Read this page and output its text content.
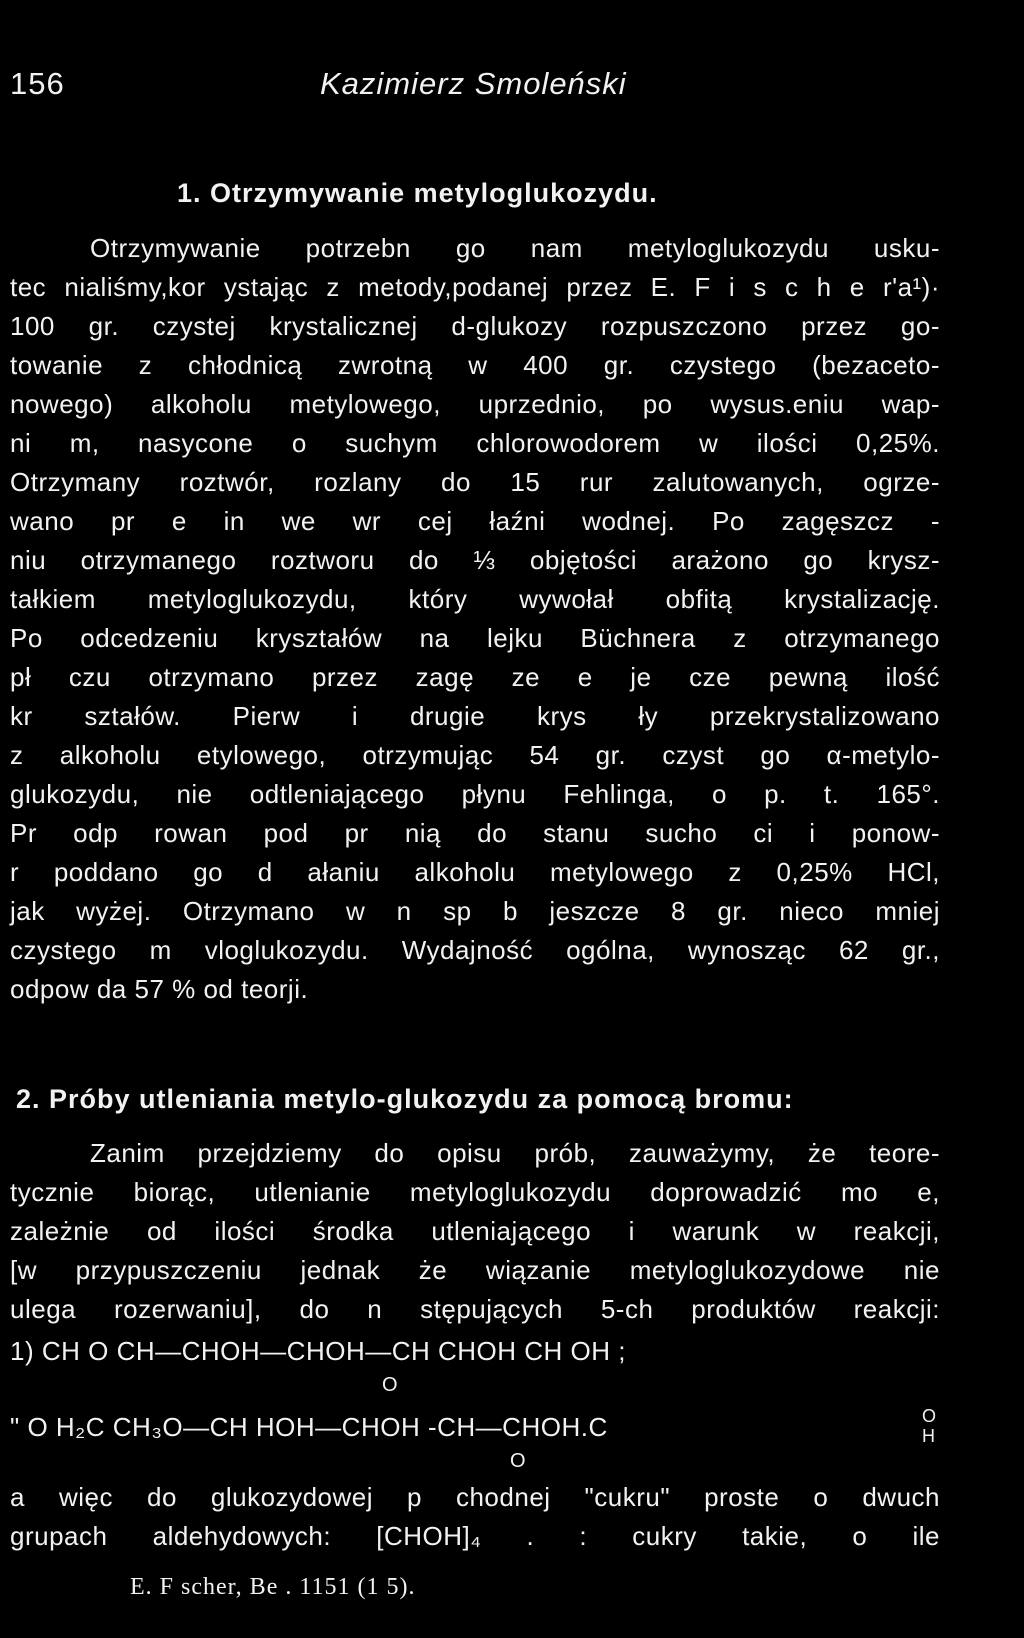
156	Kazimierz Smoleński
1. Otrzymywanie metyloglukozydu.
Otrzymywanie potrzebn go nam metyloglukozydu usku-
tec nialiśmy,kor ystając z metody,podanej przez E. F i s c h e r'a¹)·
100 gr. czystej krystalicznej d-glukozy rozpuszczono przez go-
towanie z chłodnicą zwrotną w 400 gr. czystego (bezaceto-
nowego) alkoholu metylowego, uprzednio, po wysus.eniu wap-
ni m, nasycone o suchym chlorowodorem w ilości 0,25%.
Otrzymany roztwór, rozlany do 15 rur zalutowanych, ogrze-
wano pr e in we wr cej łaźni wodnej. Po zagęszcz -
niu otrzymanego roztworu do ⅓ objętości arażono go krysz-
tałkiem metyloglukozydu, który wywołał obfitą krystalizację.
Po odcedzeniu kryształów na lejku Büchnera z otrzymanego
pł czu otrzymano przez zagę ze e je cze pewną ilość
kr ształów. Pierw i drugie krys ły przekrystalizowano
z alkoholu etylowego, otrzymując 54 gr. czyst go α-metylo-
glukozydu, nie odtleniającego płynu Fehlinga, o p. t. 165°.
Pr odp rowan pod pr nią do stanu sucho ci i ponow-
r poddano go d ałaniu alkoholu metylowego z 0,25% HCl,
jak wyżej. Otrzymano w n sp b jeszcze 8 gr. nieco mniej
czystego m vloglukozydu. Wydajność ogólna, wynosząc 62 gr.,
odpow da 57 % od teorji.
2. Próby utleniania metylo-glukozydu za pomocą bromu:
Zanim przejdziemy do opisu prób, zauważymy, że teore-
tycznie biorąc, utlenianie metyloglukozydu doprowadzić mo e,
zależnie od ilości środka utleniającego i warunk w reakcji,
[w przypuszczeniu jednak że wiązanie metyloglukozydowe nie
ulega rozerwaniu], do n stępujących 5-ch produktów reakcji:
1) CH O CH—CHOH—CHOH—CH CHOH CH OH ;
O
" O H₂C CH₃O—CH HOH—CHOH -CH—CHOH.C	O H
O
a więc do glukozydowej p chodnej "cukru" proste o dwuch
grupach aldehydowych: [CHOH]₄ . : cukry takie, o ile
E. F scher, Be . 1151 (1 5).
